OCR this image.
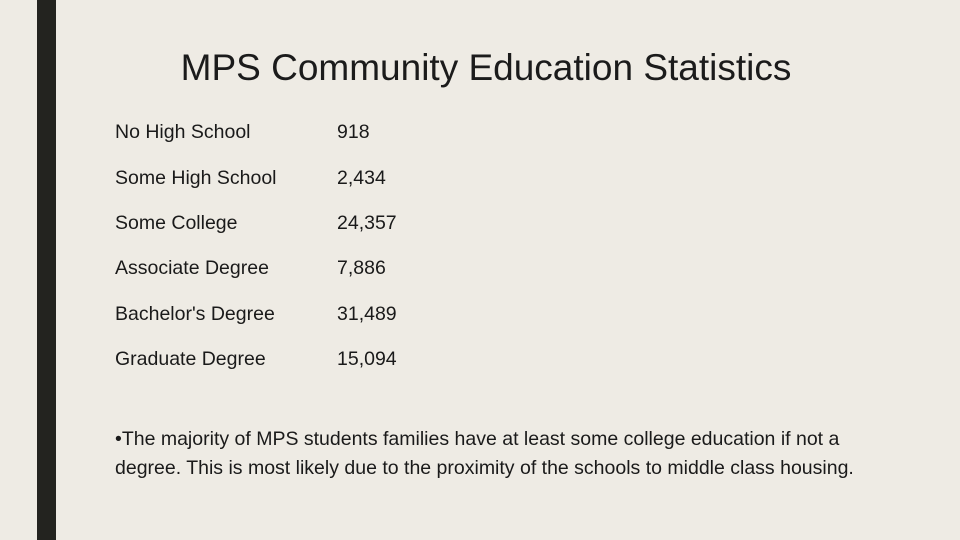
MPS Community Education Statistics
No High School	918
Some High School	2,434
Some College	24,357
Associate Degree	7,886
Bachelor's Degree	31,489
Graduate Degree	15,094
•The majority of MPS students families have at least some college education if not a degree. This is most likely due to the proximity of the schools to middle class housing.
